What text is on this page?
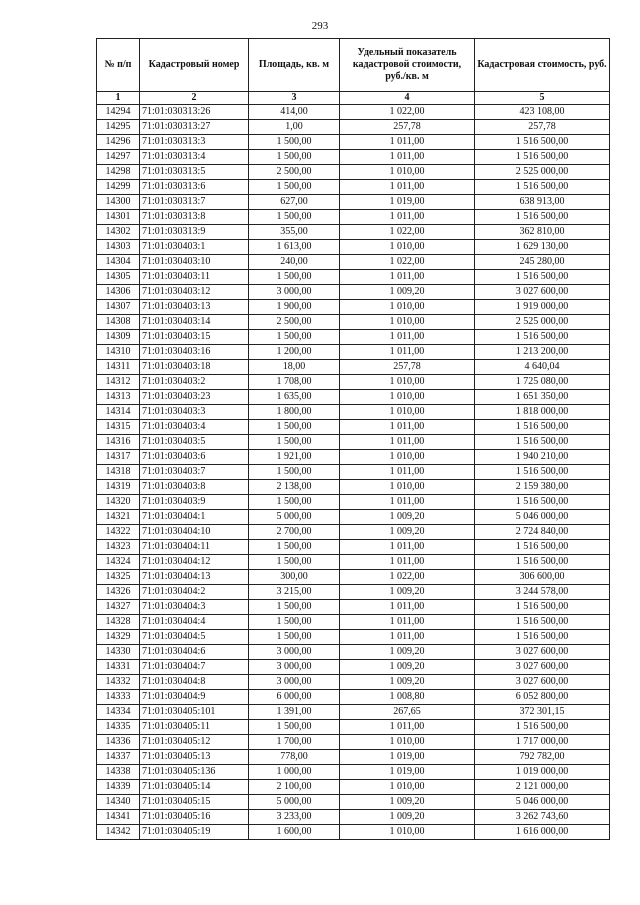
293
№ п/п	Кадастровый номер	Площадь, кв. м	Удельный показатель кадастровой стоимости, руб./кв. м	Кадастровая стоимость, руб.
1	2	3	4	5
14294	71:01:030313:26	414,00	1 022,00	423 108,00
14295	71:01:030313:27	1,00	257,78	257,78
14296	71:01:030313:3	1 500,00	1 011,00	1 516 500,00
14297	71:01:030313:4	1 500,00	1 011,00	1 516 500,00
14298	71:01:030313:5	2 500,00	1 010,00	2 525 000,00
14299	71:01:030313:6	1 500,00	1 011,00	1 516 500,00
14300	71:01:030313:7	627,00	1 019,00	638 913,00
14301	71:01:030313:8	1 500,00	1 011,00	1 516 500,00
14302	71:01:030313:9	355,00	1 022,00	362 810,00
14303	71:01:030403:1	1 613,00	1 010,00	1 629 130,00
14304	71:01:030403:10	240,00	1 022,00	245 280,00
14305	71:01:030403:11	1 500,00	1 011,00	1 516 500,00
14306	71:01:030403:12	3 000,00	1 009,20	3 027 600,00
14307	71:01:030403:13	1 900,00	1 010,00	1 919 000,00
14308	71:01:030403:14	2 500,00	1 010,00	2 525 000,00
14309	71:01:030403:15	1 500,00	1 011,00	1 516 500,00
14310	71:01:030403:16	1 200,00	1 011,00	1 213 200,00
14311	71:01:030403:18	18,00	257,78	4 640,04
14312	71:01:030403:2	1 708,00	1 010,00	1 725 080,00
14313	71:01:030403:23	1 635,00	1 010,00	1 651 350,00
14314	71:01:030403:3	1 800,00	1 010,00	1 818 000,00
14315	71:01:030403:4	1 500,00	1 011,00	1 516 500,00
14316	71:01:030403:5	1 500,00	1 011,00	1 516 500,00
14317	71:01:030403:6	1 921,00	1 010,00	1 940 210,00
14318	71:01:030403:7	1 500,00	1 011,00	1 516 500,00
14319	71:01:030403:8	2 138,00	1 010,00	2 159 380,00
14320	71:01:030403:9	1 500,00	1 011,00	1 516 500,00
14321	71:01:030404:1	5 000,00	1 009,20	5 046 000,00
14322	71:01:030404:10	2 700,00	1 009,20	2 724 840,00
14323	71:01:030404:11	1 500,00	1 011,00	1 516 500,00
14324	71:01:030404:12	1 500,00	1 011,00	1 516 500,00
14325	71:01:030404:13	300,00	1 022,00	306 600,00
14326	71:01:030404:2	3 215,00	1 009,20	3 244 578,00
14327	71:01:030404:3	1 500,00	1 011,00	1 516 500,00
14328	71:01:030404:4	1 500,00	1 011,00	1 516 500,00
14329	71:01:030404:5	1 500,00	1 011,00	1 516 500,00
14330	71:01:030404:6	3 000,00	1 009,20	3 027 600,00
14331	71:01:030404:7	3 000,00	1 009,20	3 027 600,00
14332	71:01:030404:8	3 000,00	1 009,20	3 027 600,00
14333	71:01:030404:9	6 000,00	1 008,80	6 052 800,00
14334	71:01:030405:101	1 391,00	267,65	372 301,15
14335	71:01:030405:11	1 500,00	1 011,00	1 516 500,00
14336	71:01:030405:12	1 700,00	1 010,00	1 717 000,00
14337	71:01:030405:13	778,00	1 019,00	792 782,00
14338	71:01:030405:136	1 000,00	1 019,00	1 019 000,00
14339	71:01:030405:14	2 100,00	1 010,00	2 121 000,00
14340	71:01:030405:15	5 000,00	1 009,20	5 046 000,00
14341	71:01:030405:16	3 233,00	1 009,20	3 262 743,60
14342	71:01:030405:19	1 600,00	1 010,00	1 616 000,00
